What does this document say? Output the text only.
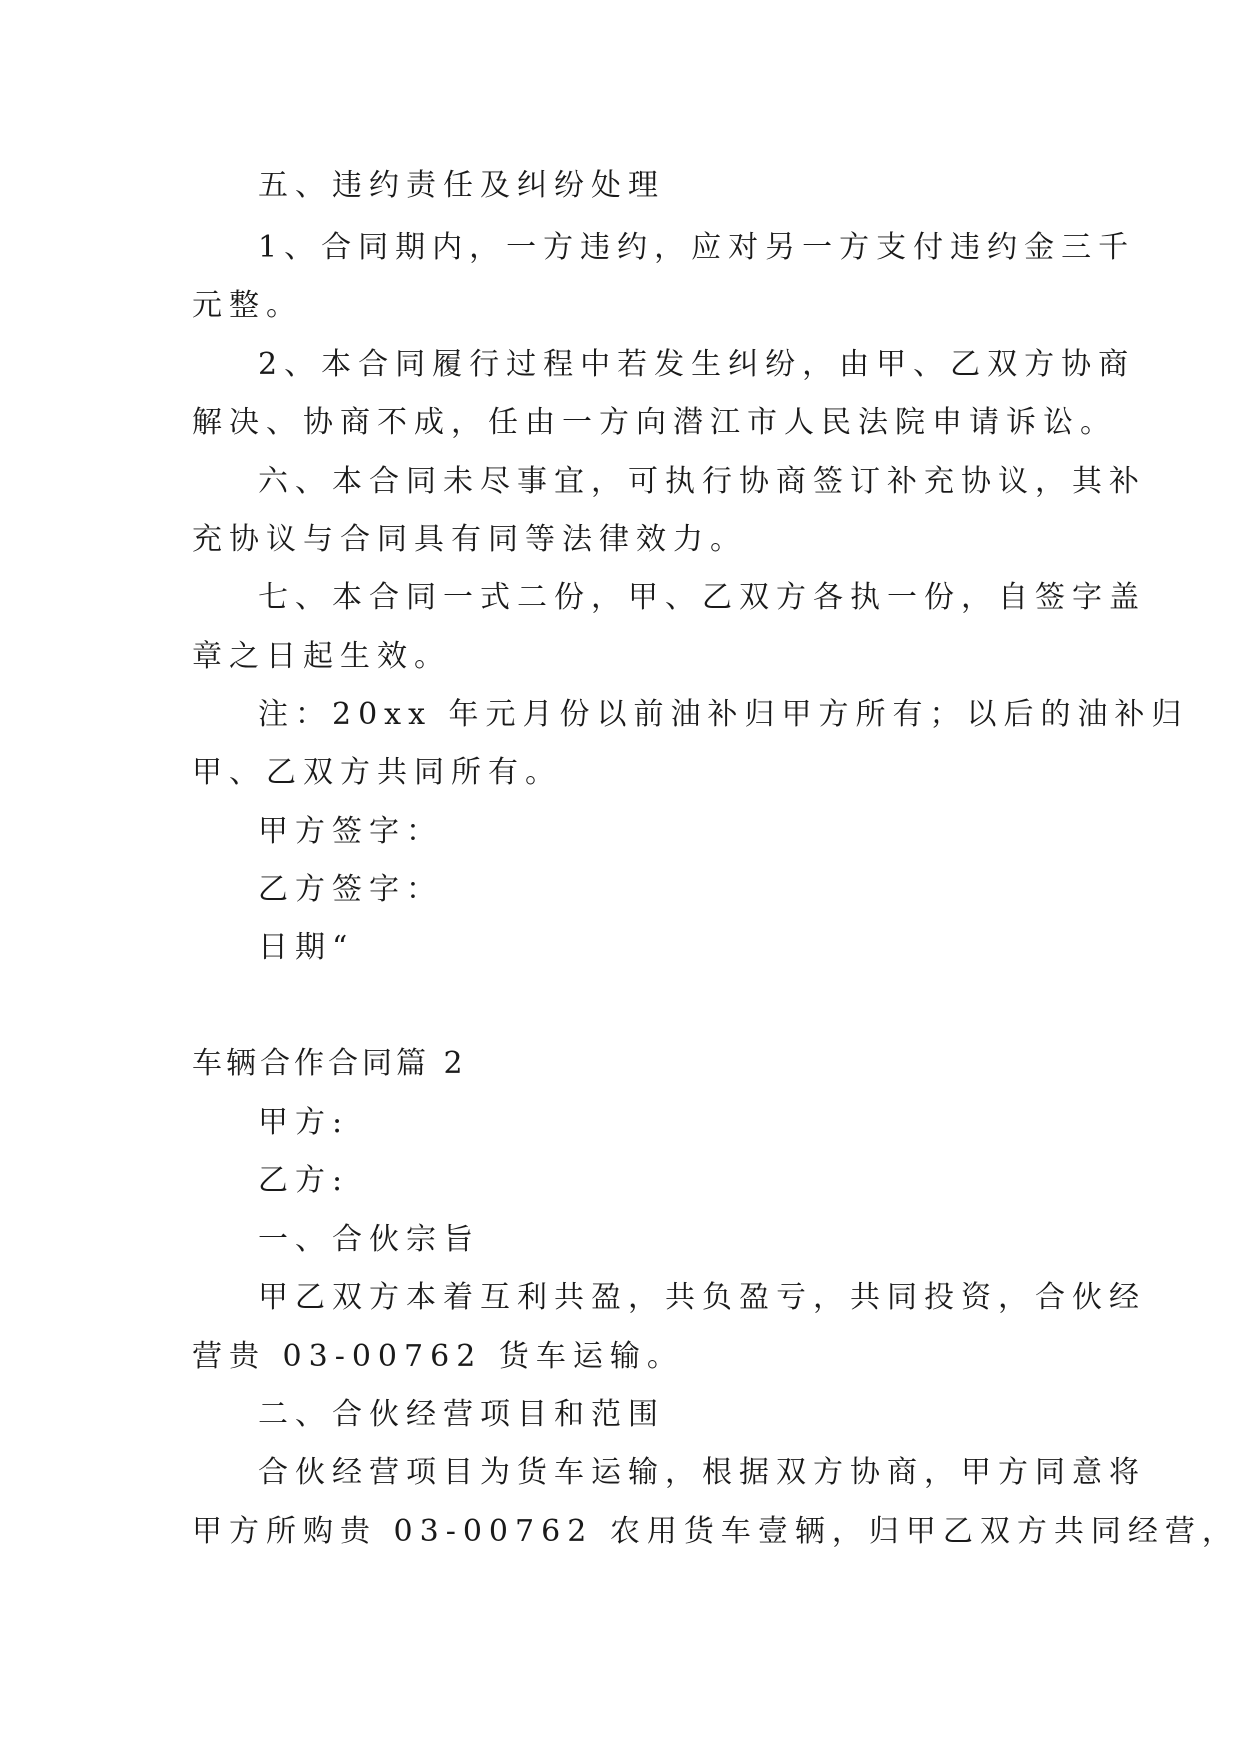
五、违约责任及纠纷处理
1、合同期内，一方违约，应对另一方支付违约金三千
元整。
2、本合同履行过程中若发生纠纷，由甲、乙双方协商
解决、协商不成，任由一方向潜江市人民法院申请诉讼。
六、本合同未尽事宜，可执行协商签订补充协议，其补
充协议与合同具有同等法律效力。
七、本合同一式二份，甲、乙双方各执一份，自签字盖
章之日起生效。
注：20xx 年元月份以前油补归甲方所有；以后的油补归
甲、乙双方共同所有。
甲方签字：
乙方签字：
日期“
车辆合作合同篇 2
甲方:
乙方:
一、合伙宗旨
甲乙双方本着互利共盈，共负盈亏，共同投资，合伙经
营贵 03-00762 货车运输。
二、合伙经营项目和范围
合伙经营项目为货车运输，根据双方协商，甲方同意将
甲方所购贵 03-00762 农用货车壹辆，归甲乙双方共同经营，
